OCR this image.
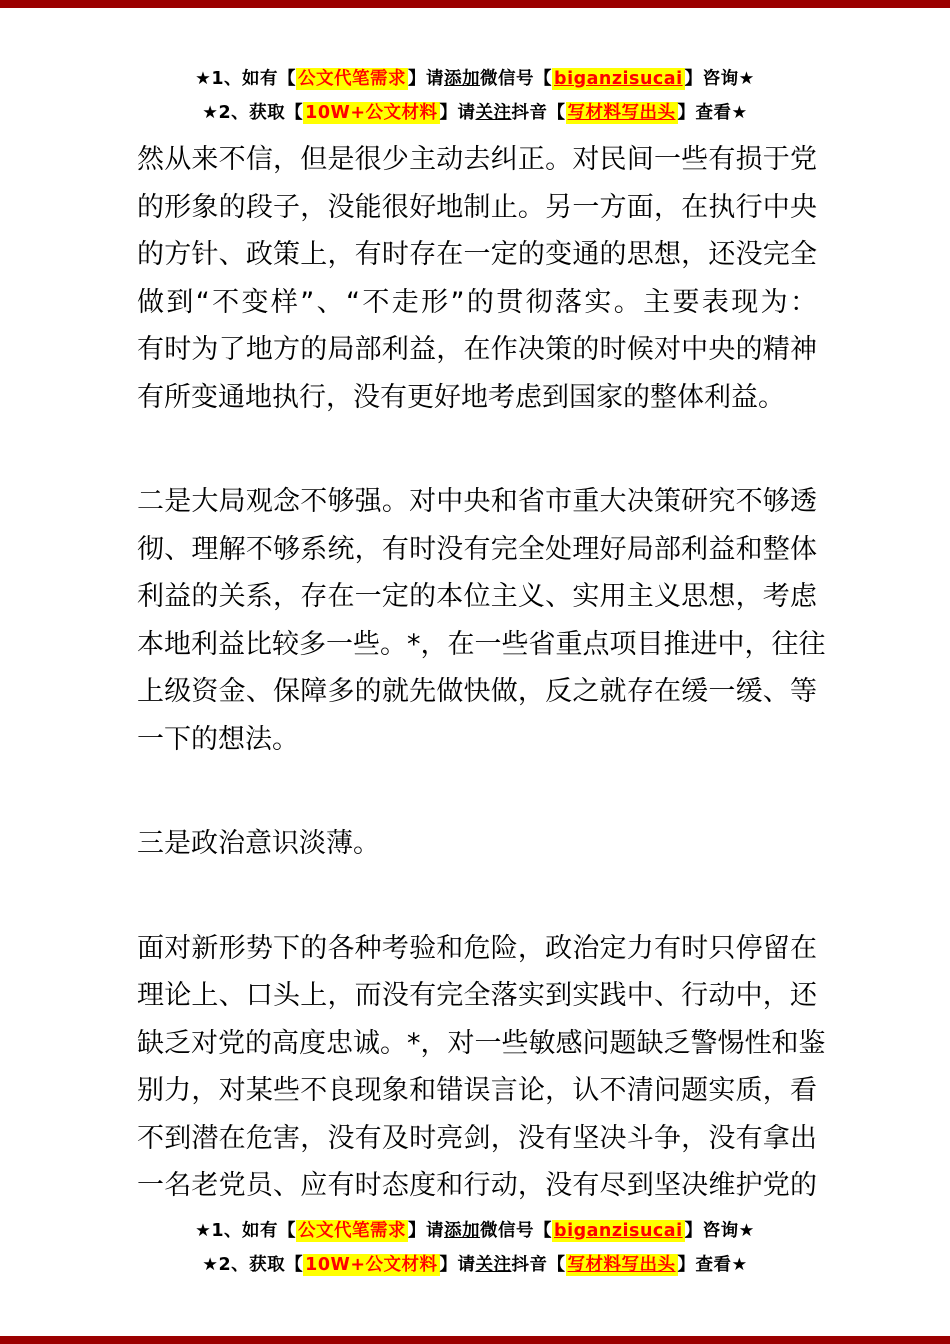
★1、如有【 公文代笔需求 】请添加微信号【 biganzisucai 】咨询★
★2、获取【 10W+公文材料 】请关注抖音【 写材料写出头 】查看★
然从来不信，但是很少主动去纠正。对民间一些有损于党
的形象的段子，没能很好地制止。另一方面，在执行中央
的方针、政策上，有时存在一定的变通的思想，还没完全
做到“不变样”、“不走形”的贯彻落实。主要表现为：
有时为了地方的局部利益，在作决策的时候对中央的精神
有所变通地执行，没有更好地考虑到国家的整体利益。
二是大局观念不够强。对中央和省市重大决策研究不够透
彻、理解不够系统，有时没有完全处理好局部利益和整体
利益的关系，存在一定的本位主义、实用主义思想，考虑
本地利益比较多一些。*，在一些省重点项目推进中，往往
上级资金、保障多的就先做快做，反之就存在缓一缓、等
一下的想法。
三是政治意识淡薄。
面对新形势下的各种考验和危险，政治定力有时只停留在
理论上、口头上，而没有完全落实到实践中、行动中，还
缺乏对党的高度忠诚。*，对一些敏感问题缺乏警惕性和鉴
别力，对某些不良现象和错误言论，认不清问题实质，看
不到潜在危害，没有及时亮剑，没有坚决斗争，没有拿出
一名老党员、应有时态度和行动，没有尽到坚决维护党的
★1、如有【 公文代笔需求 】请添加微信号【 biganzisucai 】咨询★
★2、获取【 10W+公文材料 】请关注抖音【 写材料写出头 】查看★
